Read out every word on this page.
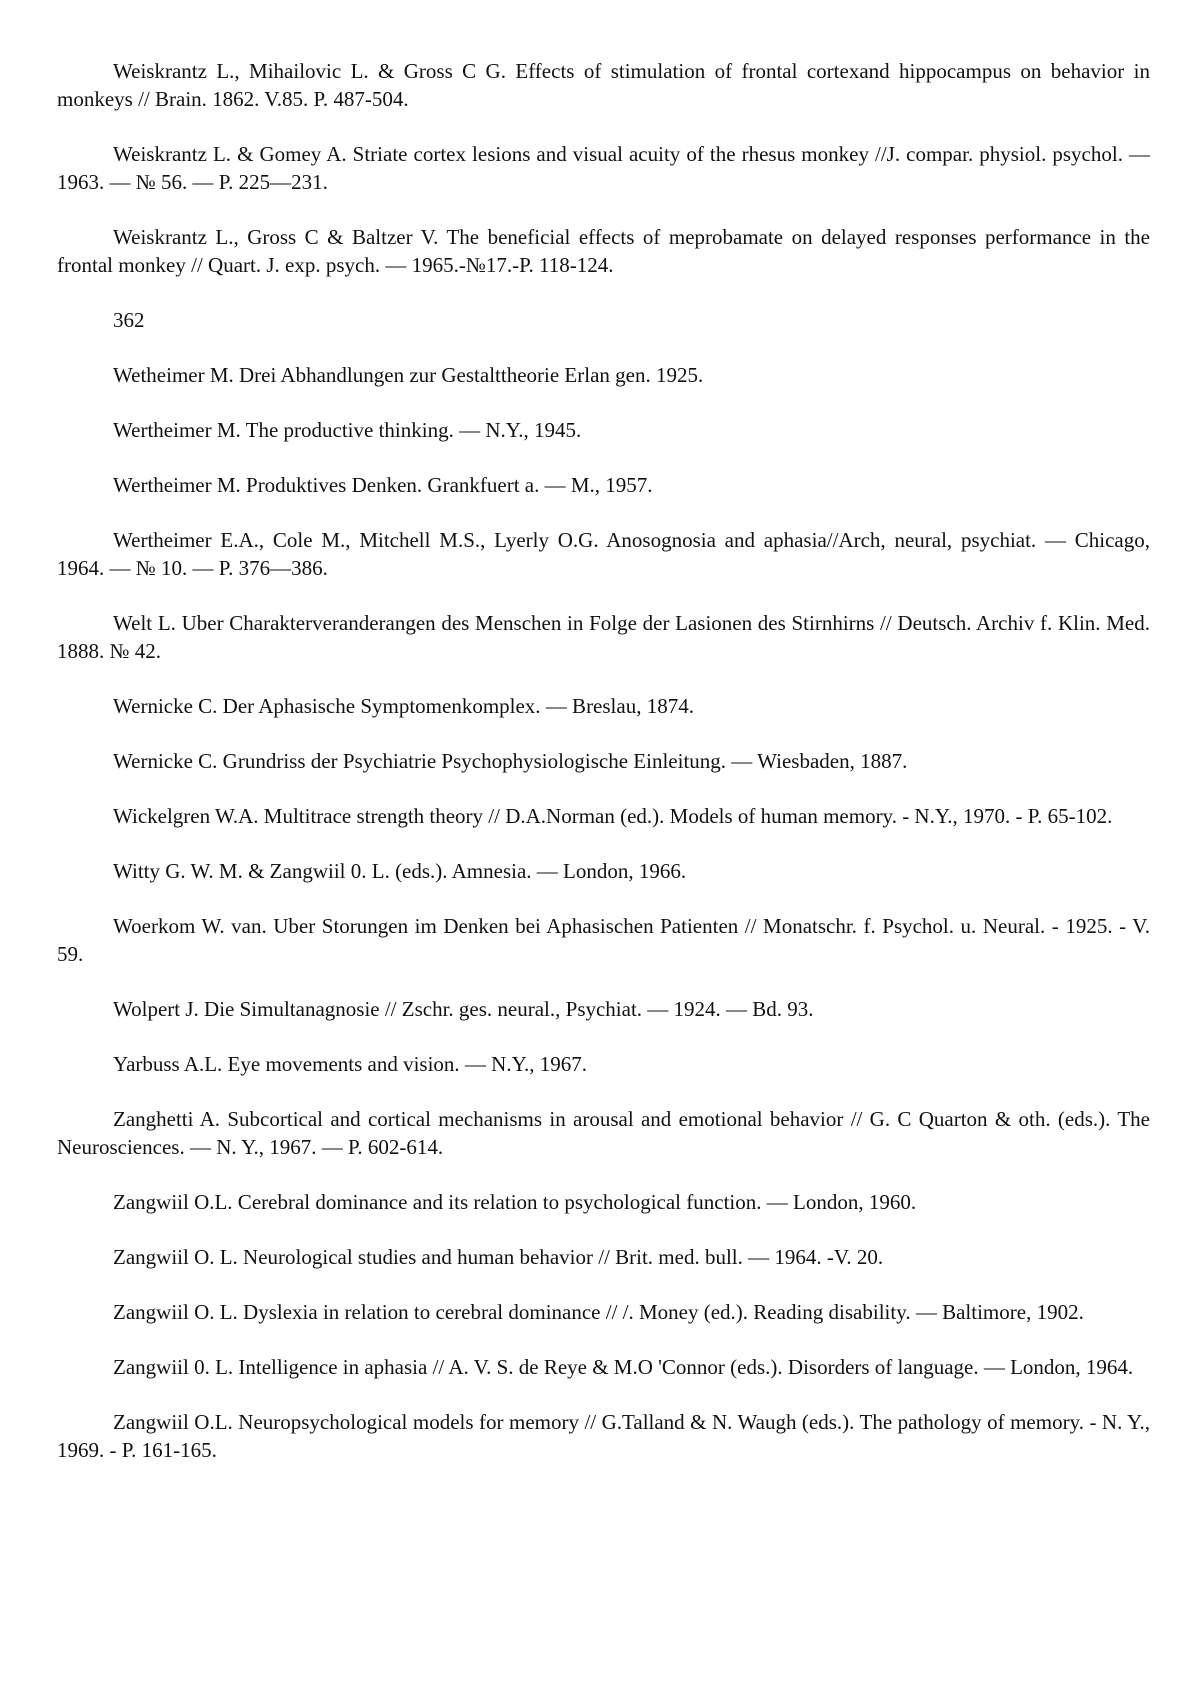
Weiskrantz L., Mihailovic L. & Gross C G. Effects of stimulation of frontal cortexand hippocampus on behavior in monkeys // Brain. 1862. V.85. P. 487-504.

Weiskrantz L. & Gomey A. Striate cortex lesions and visual acuity of the rhesus monkey //J. compar. physiol. psychol. — 1963. — № 56. — P. 225—231.

Weiskrantz L., Gross C & Baltzer V. The beneficial effects of meprobamate on delayed responses performance in the frontal monkey // Quart. J. exp. psych. — 1965.-№17.-P. 118-124.

362

Wetheimer M. Drei Abhandlungen zur Gestalttheorie Erlan gen. 1925.

Wertheimer M. The productive thinking. — N.Y., 1945.

Wertheimer M. Produktives Denken. Grankfuert a. — M., 1957.

Wertheimer E.A., Cole M., Mitchell M.S., Lyerly O.G. Anosognosia and aphasia//Arch, neural, psychiat. — Chicago, 1964. — № 10. — P. 376—386.

Welt L. Uber Charakterveranderangen des Menschen in Folge der Lasionen des Stirnhirns // Deutsch. Archiv f. Klin. Med. 1888. № 42.

Wernicke C. Der Aphasische Symptomenkomplex. — Breslau, 1874.

Wernicke C. Grundriss der Psychiatrie Psychophysiologische Einleitung. — Wiesbaden, 1887.

Wickelgren W.A. Multitrace strength theory // D.A.Norman (ed.). Models of human memory. - N.Y., 1970. - P. 65-102.

Witty G. W. M. & Zangwiil 0. L. (eds.). Amnesia. — London, 1966.

Woerkom W. van. Uber Storungen im Denken bei Aphasischen Patienten // Monatschr. f. Psychol. u. Neural. - 1925. - V. 59.

Wolpert J. Die Simultanagnosie // Zschr. ges. neural., Psychiat. — 1924. — Bd. 93.

Yarbuss A.L. Eye movements and vision. — N.Y., 1967.

Zanghetti A. Subcortical and cortical mechanisms in arousal and emotional behavior // G. C Quarton & oth. (eds.). The Neurosciences. — N. Y., 1967. — P. 602-614.

Zangwiil O.L. Cerebral dominance and its relation to psychological function. — London, 1960.

Zangwiil O. L. Neurological studies and human behavior // Brit. med. bull. — 1964. -V. 20.

Zangwiil O. L. Dyslexia in relation to cerebral dominance // /. Money (ed.). Reading disability. — Baltimore, 1902.

Zangwiil 0. L. Intelligence in aphasia // A. V. S. de Reye & M.O 'Connor (eds.). Disorders of language. — London, 1964.

Zangwiil O.L. Neuropsychological models for memory // G.Talland & N. Waugh (eds.). The pathology of memory. - N. Y., 1969. - P. 161-165.
